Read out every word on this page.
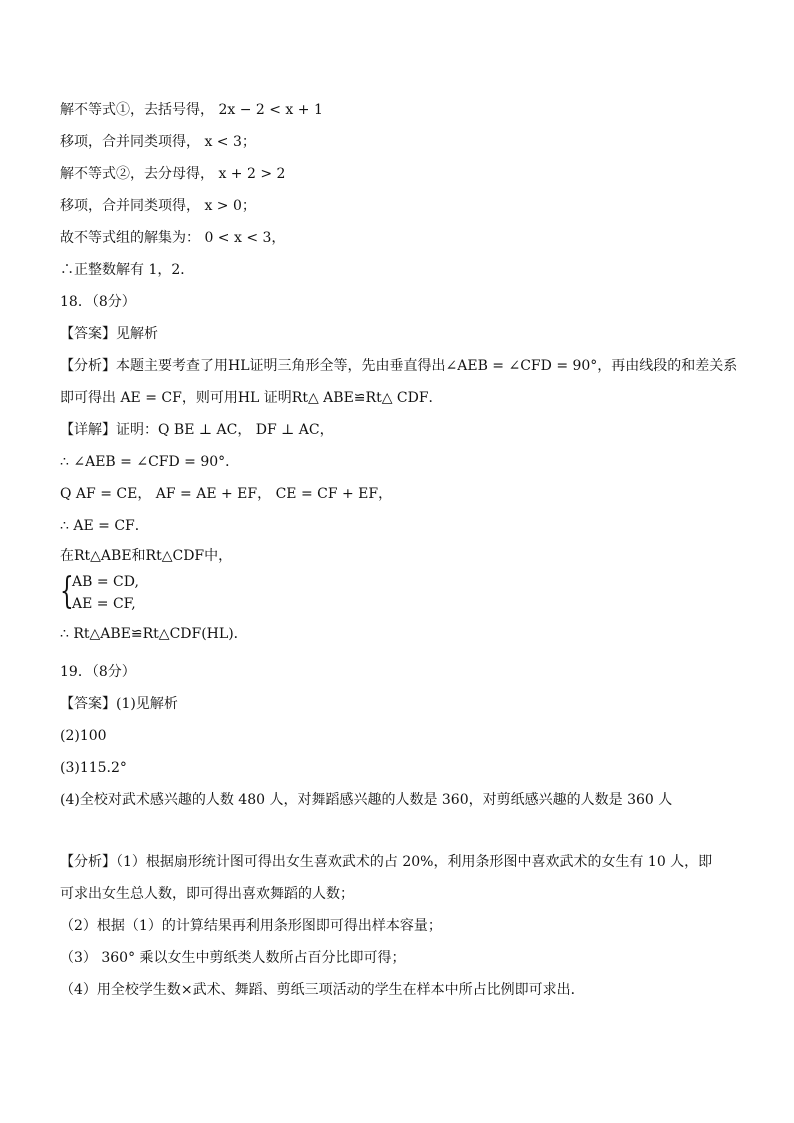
解不等式①，去括号得， 2x − 2 < x + 1
移项，合并同类项得， x < 3；
解不等式②，去分母得， x + 2 > 2
移项，合并同类项得， x > 0；
故不等式组的解集为： 0 < x < 3，
∴正整数解有 1，2．
18．（8分）
【答案】见解析
【分析】本题主要考查了用HL证明三角形全等，先由垂直得出∠AEB = ∠CFD = 90°，再由线段的和差关系
即可得出 AE = CF，则可用HL 证明Rt△ ABE≌Rt△ CDF．
【详解】证明：Q BE ⊥ AC， DF ⊥ AC，
∴ ∠AEB = ∠CFD = 90°．
Q AF = CE， AF = AE + EF， CE = CF + EF，
∴ AE = CF．
在Rt△ABE和Rt△CDF中，
{
AB = CD,
AE = CF,
∴ Rt△ABE≌Rt△CDF(HL)．
19．（8分）
【答案】(1)见解析
(2)100
(3)115.2°
(4)全校对武术感兴趣的人数 480 人，对舞蹈感兴趣的人数是 360，对剪纸感兴趣的人数是 360 人
【分析】（1）根据扇形统计图可得出女生喜欢武术的占 20%，利用条形图中喜欢武术的女生有 10 人，即
可求出女生总人数，即可得出喜欢舞蹈的人数；
（2）根据（1）的计算结果再利用条形图即可得出样本容量；
（3） 360° 乘以女生中剪纸类人数所占百分比即可得；
（4）用全校学生数×武术、舞蹈、剪纸三项活动的学生在样本中所占比例即可求出．
